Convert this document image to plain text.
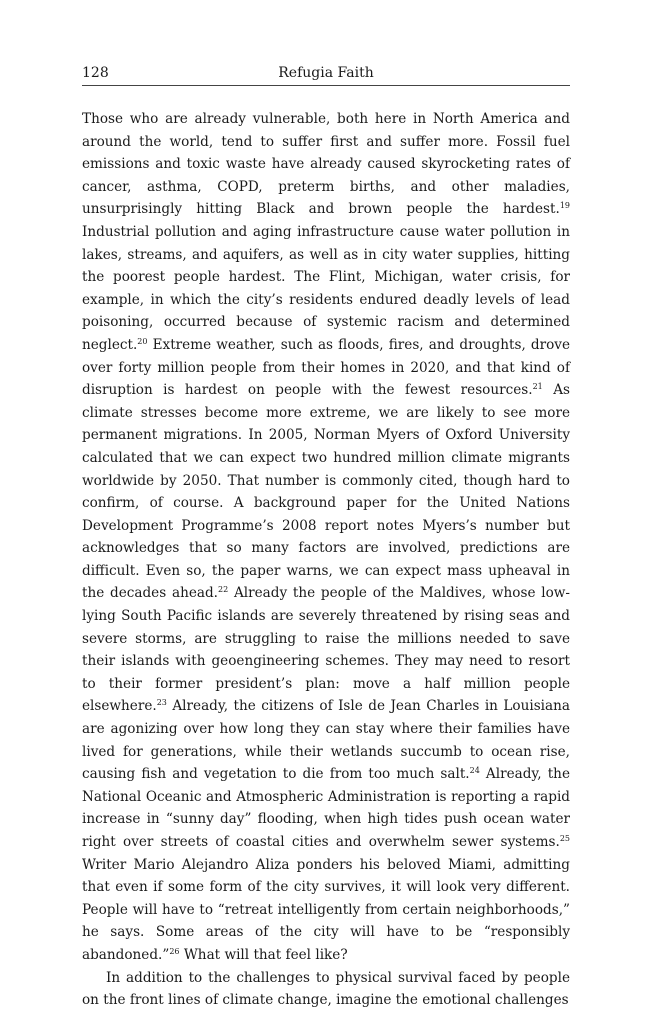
128	Refugia Faith

Those who are already vulnerable, both here in North America and around the world, tend to suffer first and suffer more. Fossil fuel emissions and toxic waste have already caused skyrocketing rates of cancer, asthma, COPD, preterm births, and other maladies, unsurprisingly hitting Black and brown people the hardest.$^{19}$ Industrial pollution and aging infrastructure cause water pollution in lakes, streams, and aquifers, as well as in city water supplies, hitting the poorest people hardest. The Flint, Michigan, water crisis, for example, in which the city’s residents endured deadly levels of lead poisoning, occurred because of systemic racism and determined neglect.$^{20}$ Extreme weather, such as floods, fires, and droughts, drove over forty million people from their homes in 2020, and that kind of disruption is hardest on people with the fewest resources.$^{21}$ As climate stresses become more extreme, we are likely to see more permanent migrations. In 2005, Norman Myers of Oxford University calculated that we can expect two hundred million climate migrants worldwide by 2050. That number is commonly cited, though hard to confirm, of course. A background paper for the United Nations Development Programme’s 2008 report notes Myers’s number but acknowledges that so many factors are involved, predictions are difficult. Even so, the paper warns, we can expect mass upheaval in the decades ahead.$^{22}$ Already the people of the Maldives, whose low-lying South Pacific islands are severely threatened by rising seas and severe storms, are struggling to raise the millions needed to save their islands with geoengineering schemes. They may need to resort to their former president’s plan: move a half million people elsewhere.$^{23}$ Already, the citizens of Isle de Jean Charles in Louisiana are agonizing over how long they can stay where their families have lived for generations, while their wetlands succumb to ocean rise, causing fish and vegetation to die from too much salt.$^{24}$ Already, the National Oceanic and Atmospheric Administration is reporting a rapid increase in “sunny day” flooding, when high tides push ocean water right over streets of coastal cities and overwhelm sewer systems.$^{25}$ Writer Mario Alejandro Aliza ponders his beloved Miami, admitting that even if some form of the city survives, it will look very different. People will have to “retreat intelligently from certain neighborhoods,” he says. Some areas of the city will have to be “responsibly abandoned.”$^{26}$ What will that feel like?

In addition to the challenges to physical survival faced by people on the front lines of climate change, imagine the emotional challenges
